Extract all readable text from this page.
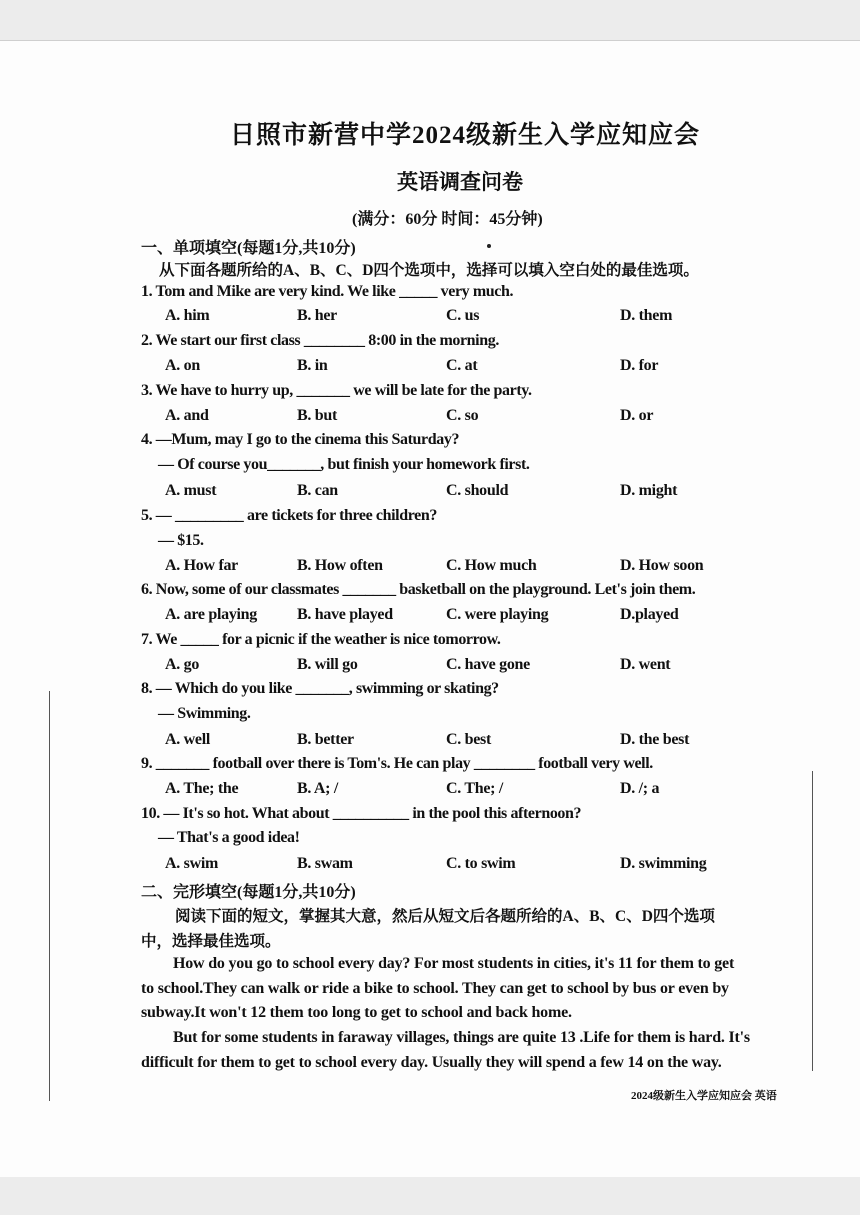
日照市新营中学2024级新生入学应知应会
英语调查问卷
(满分：60分 时间：45分钟)
一、单项填空(每题1分,共10分)
从下面各题所给的A、B、C、D四个选项中，选择可以填入空白处的最佳选项。
1. Tom and Mike are very kind. We like _____ very much.
A. him	B. her	C. us	D. them
2. We start our first class ________ 8:00 in the morning.
A. on	B. in	C. at	D. for
3. We have to hurry up, _______ we will be late for the party.
A. and	B. but	C. so	D. or
4. —Mum, may I go to the cinema this Saturday?
— Of course you_______, but finish your homework first.
A. must	B. can	C. should	D. might
5. — _________ are tickets for three children?
— $15.
A. How far	B. How often	C. How much	D. How soon
6. Now, some of our classmates _______ basketball on the playground. Let's join them.
A. are playing	B. have played	C. were playing	D.played
7. We _____ for a picnic if the weather is nice tomorrow.
A. go	B. will go	C. have gone	D. went
8. — Which do you like _______, swimming or skating?
— Swimming.
A. well	B. better	C. best	D. the best
9. _______ football over there is Tom's. He can play ________ football very well.
A. The; the	B. A; /	C. The; /	D. /; a
10. — It's so hot. What about __________ in the pool this afternoon?
— That's a good idea!
A. swim	B. swam	C. to swim	D. swimming
二、完形填空(每题1分,共10分)
阅读下面的短文，掌握其大意，然后从短文后各题所给的A、B、C、D四个选项
中，选择最佳选项。
How do you go to school every day? For most students in cities, it's 11 for them to get
to school.They can walk or ride a bike to school. They can get to school by bus or even by
subway.It won't 12 them too long to get to school and back home.
But for some students in faraway villages, things are quite 13 .Life for them is hard. It's
difficult for them to get to school every day. Usually they will spend a few 14 on the way.
2024级新生入学应知应会 英语
